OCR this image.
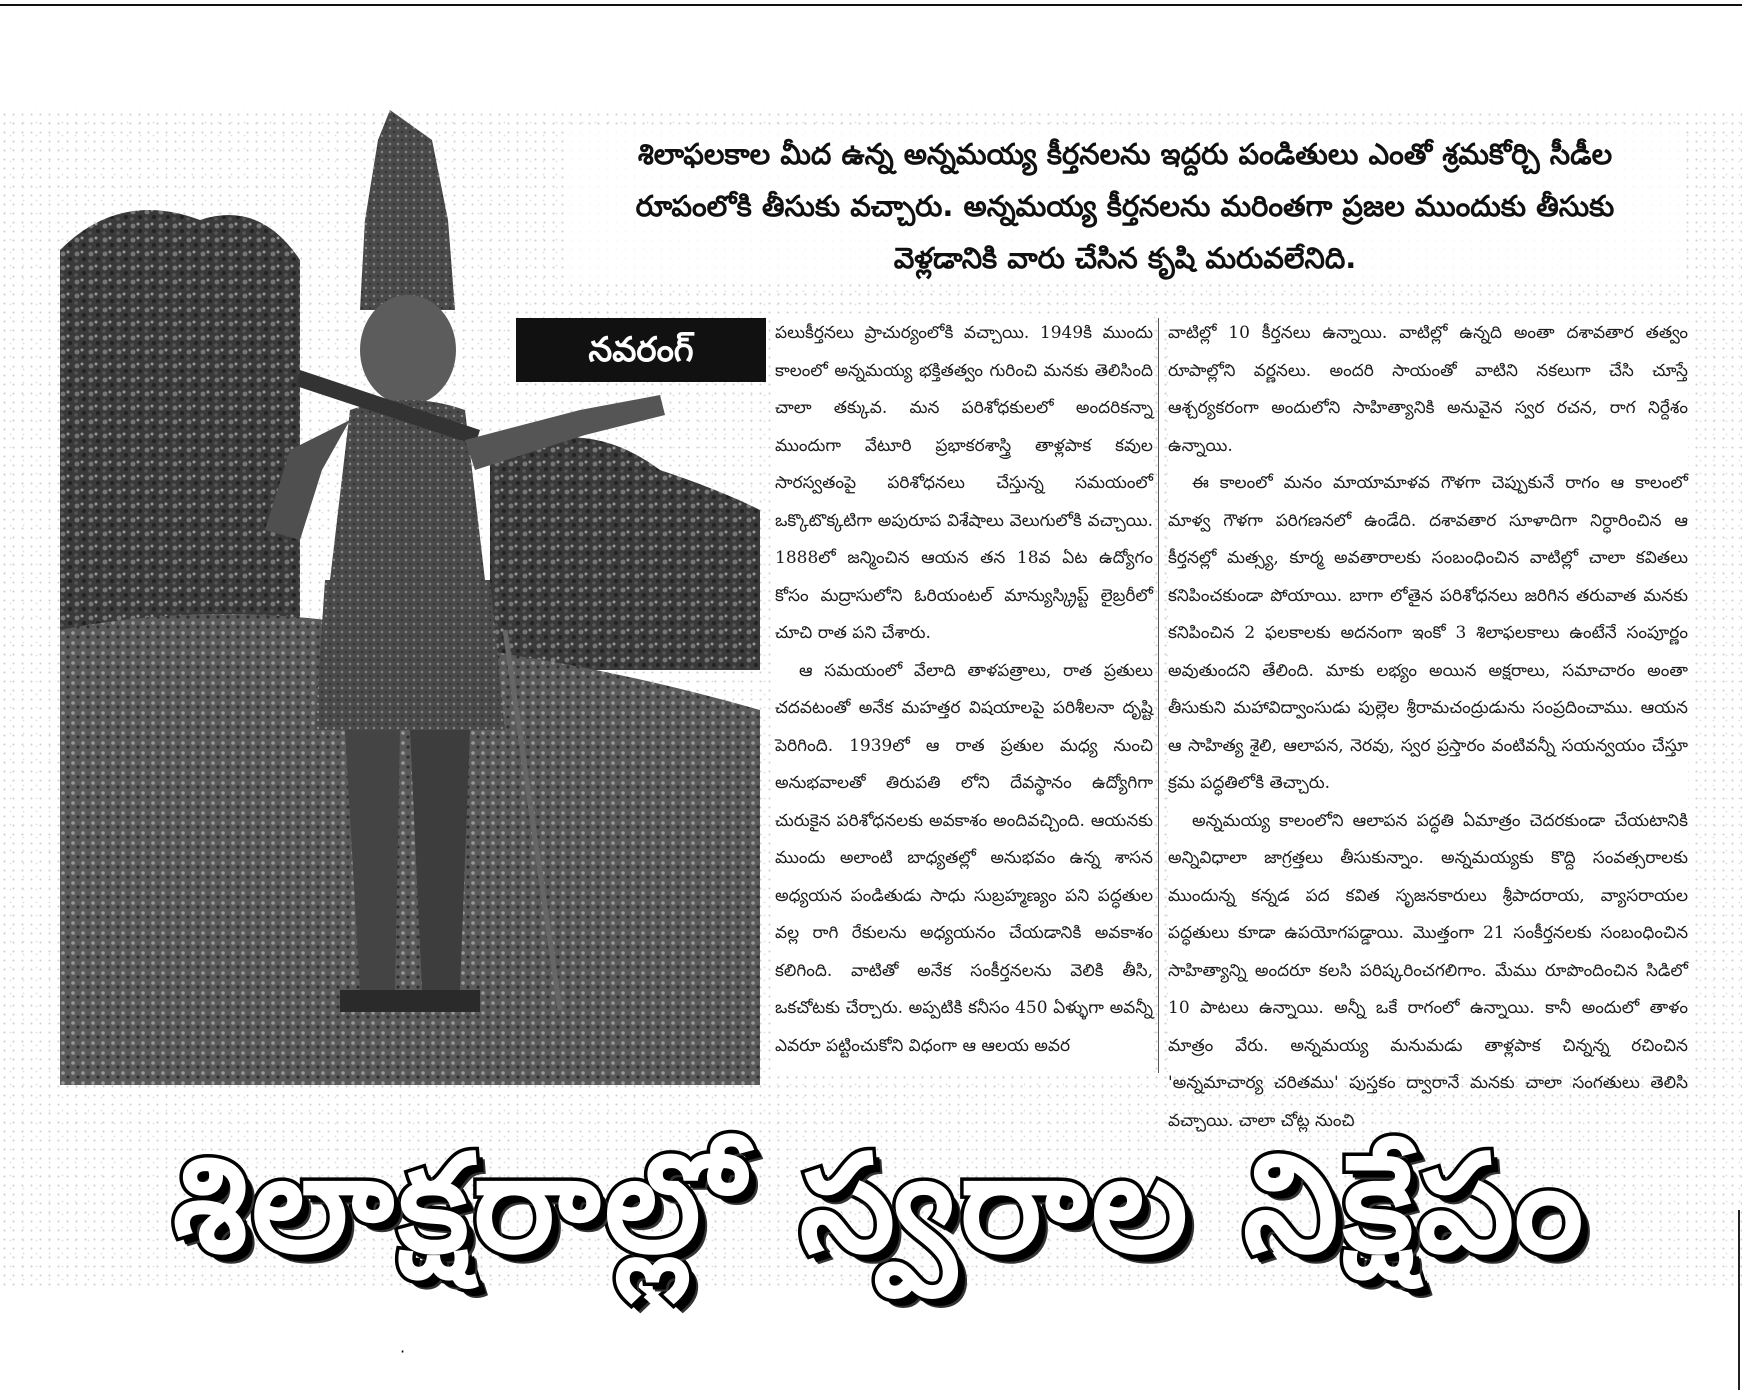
శిలాఫలకాల మీద ఉన్న అన్నమయ్య కీర్తనలను ఇద్దరు పండితులు ఎంతో శ్రమకోర్చి సీడీల
రూపంలోకి తీసుకు వచ్చారు. అన్నమయ్య కీర్తనలను మరింతగా ప్రజల ముందుకు తీసుకు
వెళ్లడానికి వారు చేసిన కృషి మరువలేనిది.
నవరంగ్	పలుకీర్తనలు ప్రాచుర్యంలోకి వచ్చాయి. 1949కి ముందు కాలంలో అన్నమయ్య భక్తితత్వం గురించి మనకు తెలిసింది చాలా తక్కువ. మన పరిశోధకులలో అందరికన్నా ముందుగా వేటూరి ప్రభాకరశాస్త్రి తాళ్లపాక కవుల సారస్వతంపై పరిశోధనలు చేస్తున్న సమయంలో ఒక్కొటొక్కటిగా అపురూప విశేషాలు వెలుగులోకి వచ్చాయి. 1888లో జన్మించిన ఆయన తన 18వ ఏట ఉద్యోగం కోసం మద్రాసులోని ఓరియంటల్ మాన్యుస్క్రిప్ట్ లైబ్రరీలో చూచి రాత పని చేశారు.

ఆ సమయంలో వేలాది తాళపత్రాలు, రాత ప్రతులు చదవటంతో అనేక మహత్తర విషయాలపై పరిశీలనా దృష్టి పెరిగింది. 1939లో ఆ రాత ప్రతుల మధ్య నుంచి అనుభవాలతో తిరుపతి లోని దేవస్థానం ఉద్యోగిగా చురుకైన పరిశోధనలకు అవకాశం అందివచ్చింది. ఆయనకు ముందు అలాంటి బాధ్యతల్లో అనుభవం ఉన్న శాసన అధ్యయన పండితుడు సాధు సుబ్రహ్మణ్యం పని పద్ధతుల వల్ల రాగి రేకులను అధ్యయనం చేయడానికి అవకాశం కలిగింది. వాటితో అనేక సంకీర్తనలను వెలికి తీసి, ఒకచోటకు చేర్చారు. అప్పటికి కనీసం 450 ఏళ్ళుగా అవన్నీ ఎవరూ పట్టించుకోని విధంగా ఆ ఆలయ అవర

వాటిల్లో 10 కీర్తనలు ఉన్నాయి. వాటిల్లో ఉన్నది అంతా దశావతార తత్వం రూపాల్లోని వర్ణనలు. అందరి సాయంతో వాటిని నకలుగా చేసి చూస్తే ఆశ్చర్యకరంగా అందులోని సాహిత్యానికి అనువైన స్వర రచన, రాగ నిర్దేశం ఉన్నాయి.

ఈ కాలంలో మనం మాయామాళవ గౌళగా చెప్పుకునే రాగం ఆ కాలంలో మాళ్వ గౌళగా పరిగణనలో ఉండేది. దశావతార సూళాదిగా నిర్ధారించిన ఆ కీర్తనల్లో మత్స్య, కూర్మ అవతారాలకు సంబంధించిన వాటిల్లో చాలా కవితలు కనిపించకుండా పోయాయి. బాగా లోతైన పరిశోధనలు జరిగిన తరువాత మనకు కనిపించిన 2 ఫలకాలకు అదనంగా ఇంకో 3 శిలాఫలకాలు ఉంటేనే సంపూర్ణం అవుతుందని తేలింది. మాకు లభ్యం అయిన అక్షరాలు, సమాచారం అంతా తీసుకుని మహావిద్వాంసుడు పుల్లెల శ్రీరామచంద్రుడును సంప్రదించాము. ఆయన ఆ సాహిత్య శైలి, ఆలాపన, నెరవు, స్వర ప్రస్తారం వంటివన్నీ సయన్వయం చేస్తూ క్రమ పద్ధతిలోకి తెచ్చారు.

అన్నమయ్య కాలంలోని ఆలాపన పద్ధతి ఏమాత్రం చెదరకుండా చేయటానికి అన్నివిధాలా జాగ్రత్తలు తీసుకున్నాం. అన్నమయ్యకు కొద్ది సంవత్సరాలకు ముందున్న కన్నడ పద కవిత సృజనకారులు శ్రీపాదరాయ, వ్యాసరాయల పద్ధతులు కూడా ఉపయోగపడ్డాయి. మొత్తంగా 21 సంకీర్తనలకు సంబంధించిన సాహిత్యాన్ని అందరూ కలసి పరిష్కరించగలిగాం. మేము రూపొందించిన సిడిలో 10 పాటలు ఉన్నాయి. అన్నీ ఒకే రాగంలో ఉన్నాయి. కానీ అందులో తాళం మాత్రం వేరు. అన్నమయ్య మనుమడు తాళ్లపాక చిన్నన్న రచించిన 'అన్నమాచార్య చరితము' పుస్తకం ద్వారానే మనకు చాలా సంగతులు తెలిసి వచ్చాయి. చాలా చోట్ల నుంచి

శిలాక్షరాల్లో స్వరాల నిక్షేపం
·
